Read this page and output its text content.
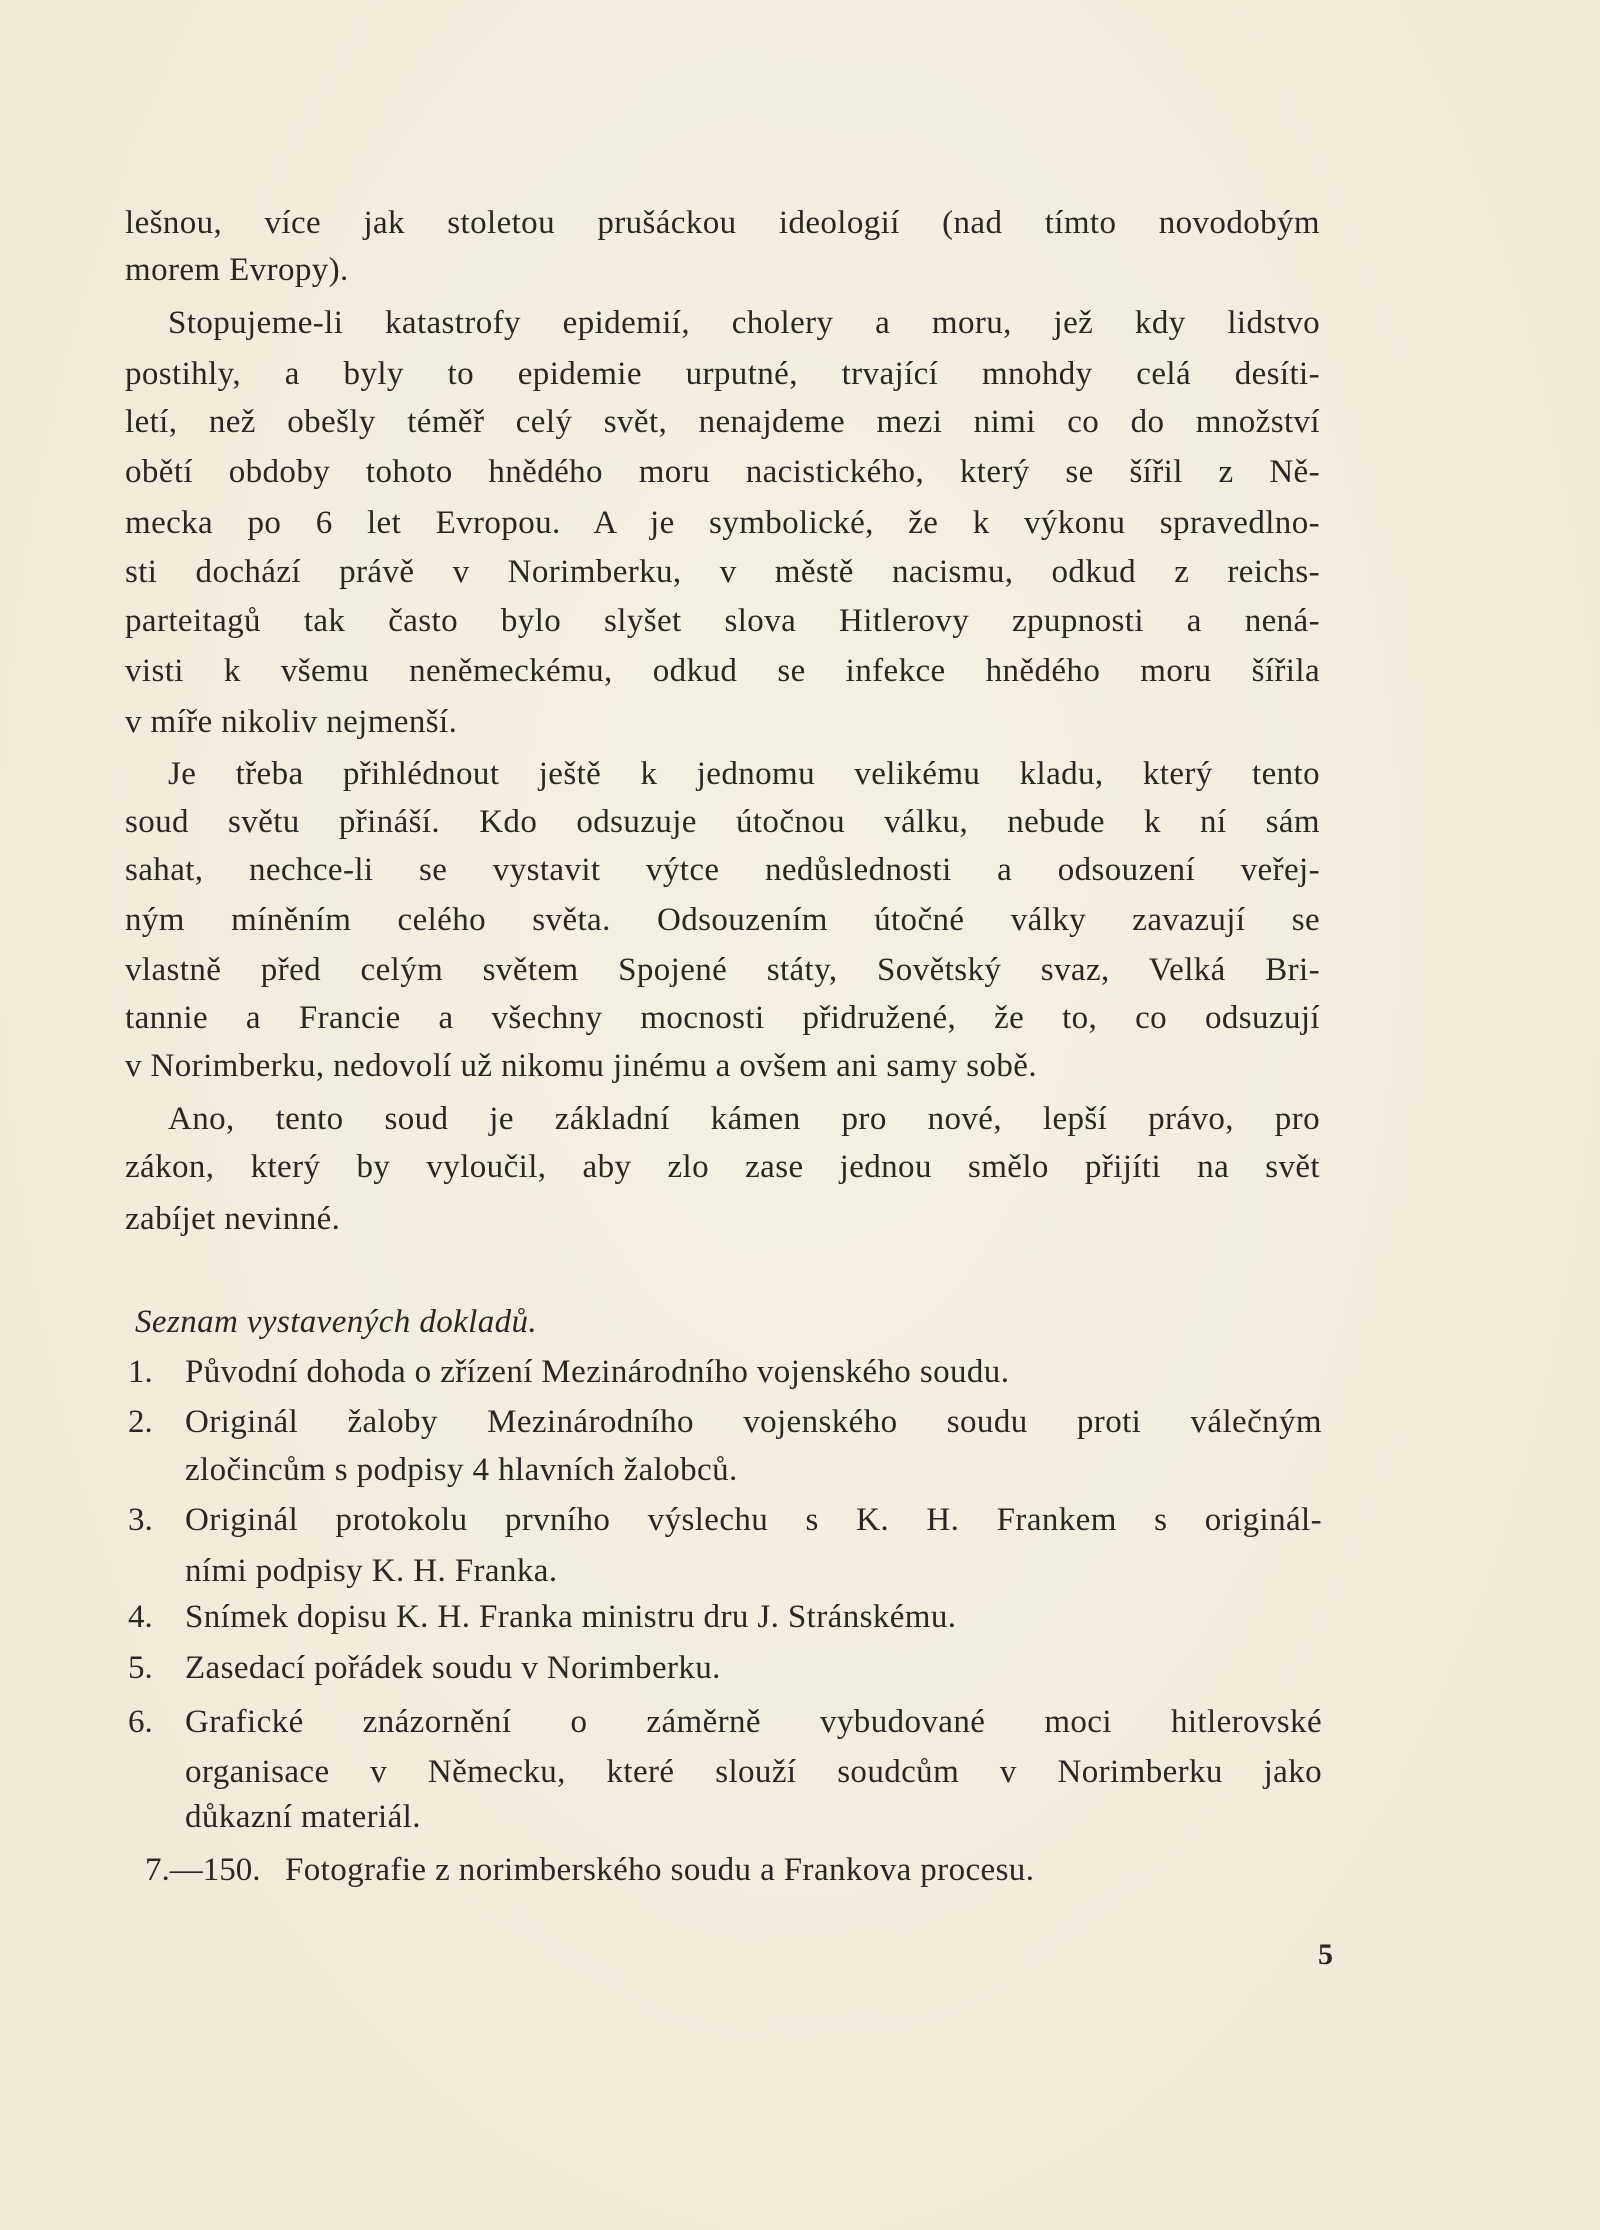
lešnou, více jak stoletou prušáckou ideologií (nad tímto novodobým
morem Evropy).
Stopujeme-li katastrofy epidemií, cholery a moru, jež kdy lidstvo
postihly, a byly to epidemie urputné, trvající mnohdy celá desíti-
letí, než obešly téměř celý svět, nenajdeme mezi nimi co do množství
obětí obdoby tohoto hnědého moru nacistického, který se šířil z Ně-
mecka po 6 let Evropou. A je symbolické, že k výkonu spravedlno-
sti dochází právě v Norimberku, v městě nacismu, odkud z reichs-
parteitagů tak často bylo slyšet slova Hitlerovy zpupnosti a nená-
visti k všemu neněmeckému, odkud se infekce hnědého moru šířila
v míře nikoliv nejmenší.
Je třeba přihlédnout ještě k jednomu velikému kladu, který tento
soud světu přináší. Kdo odsuzuje útočnou válku, nebude k ní sám
sahat, nechce-li se vystavit výtce nedůslednosti a odsouzení veřej-
ným míněním celého světa. Odsouzením útočné války zavazují se
vlastně před celým světem Spojené státy, Sovětský svaz, Velká Bri-
tannie a Francie a všechny mocnosti přidružené, že to, co odsuzují
v Norimberku, nedovolí už nikomu jinému a ovšem ani samy sobě.
Ano, tento soud je základní kámen pro nové, lepší právo, pro
zákon, který by vyloučil, aby zlo zase jednou smělo přijíti na svět
zabíjet nevinné.
Seznam vystavených dokladů.
1. Původní dohoda o zřízení Mezinárodního vojenského soudu.
2. Originál žaloby Mezinárodního vojenského soudu proti válečným
zločincům s podpisy 4 hlavních žalobců.
3. Originál protokolu prvního výslechu s K. H. Frankem s originál-
ními podpisy K. H. Franka.
4. Snímek dopisu K. H. Franka ministru dru J. Stránskému.
5. Zasedací pořádek soudu v Norimberku.
6. Grafické znázornění o záměrně vybudované moci hitlerovské
organisace v Německu, které slouží soudcům v Norimberku jako
důkazní materiál.
7.—150. Fotografie z norimberského soudu a Frankova procesu.
5
